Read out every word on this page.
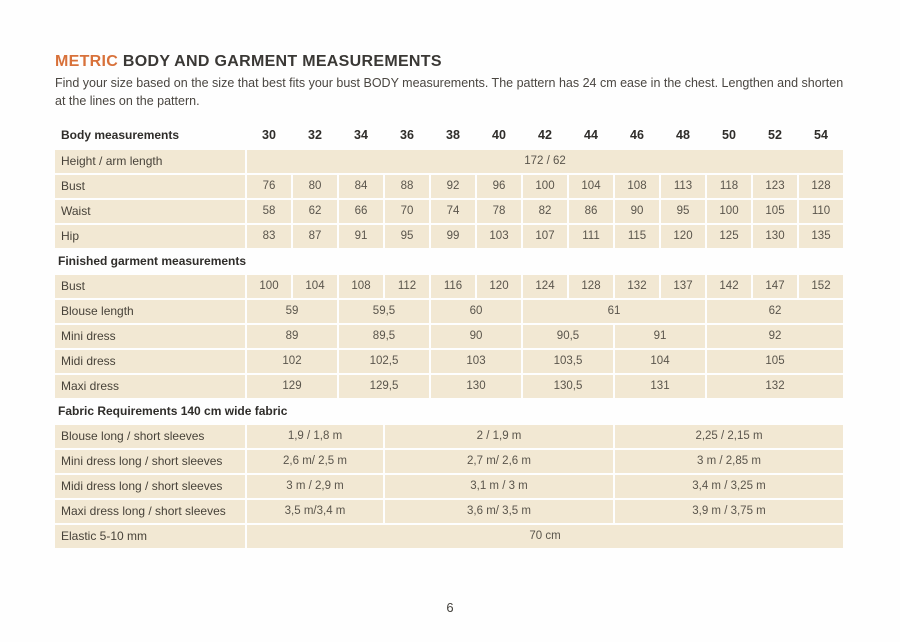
METRIC BODY AND GARMENT MEASUREMENTS

Find your size based on the size that best fits your bust BODY measurements. The pattern has 24 cm ease in the chest. Lengthen and shorten at the lines on the pattern.

Body measurements	30	32	34	36	38	40	42	44	46	48	50	52	54
Height / arm length	172 / 62
Bust	76	80	84	88	92	96	100	104	108	113	118	123	128
Waist	58	62	66	70	74	78	82	86	90	95	100	105	110
Hip	83	87	91	95	99	103	107	111	115	120	125	130	135
Finished garment measurements
Bust	100	104	108	112	116	120	124	128	132	137	142	147	152
Blouse length	59	59,5	60	61	62
Mini dress	89	89,5	90	90,5	91	92
Midi dress	102	102,5	103	103,5	104	105
Maxi dress	129	129,5	130	130,5	131	132
Fabric Requirements 140 cm wide fabric
Blouse long / short sleeves	1,9 / 1,8 m	2 / 1,9 m	2,25 / 2,15 m
Mini dress long / short sleeves	2,6 m/ 2,5 m	2,7 m/ 2,6 m	3 m / 2,85 m
Midi dress long / short sleeves	3 m / 2,9 m	3,1 m / 3 m	3,4 m / 3,25 m
Maxi dress long / short sleeves	3,5 m/3,4 m	3,6 m/ 3,5 m	3,9 m / 3,75 m
Elastic 5-10 mm	70 cm
6
